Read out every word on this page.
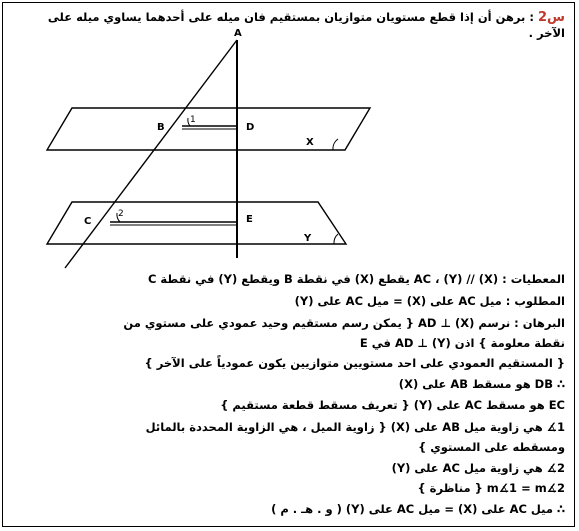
A
B	D
X
1
C	E
Y
2
س2 : برهن أن إذا قطع مستويان متوازيان بمستقيم فان ميله على أحدهما يساوي ميله على
الآخر .
المعطيات : (X) // (Y) ، AC يقطع (X) في نقطة B ويقطع (Y) في نقطة C
المطلوب : ميل AC على (X) = ميل AC على (Y)
البرهان : نرسم (X) ⊥ AD { يمكن رسم مستقيم وحيد عمودي على مستوي من
نقطة معلومة } اذن (Y) ⊥ AD في E
{ المستقيم العمودي على احد مستويين متوازيين يكون عمودياً على الآخر }
∴ DB هو مسقط AB على (X)
EC هو مسقط AC على (Y) { تعريف مسقط قطعة مستقيم }
1∡ هي زاوية ميل AB على (X) { زاوية الميل ، هي الزاوية المحددة بالمائل
ومسقطه على المستوي }
2∡ هي زاوية ميل AC على (Y)
m∡1 = m∡2 { مناظرة }
∴ ميل AC على (X) = ميل AC على (Y) ( و . هـ . م )
